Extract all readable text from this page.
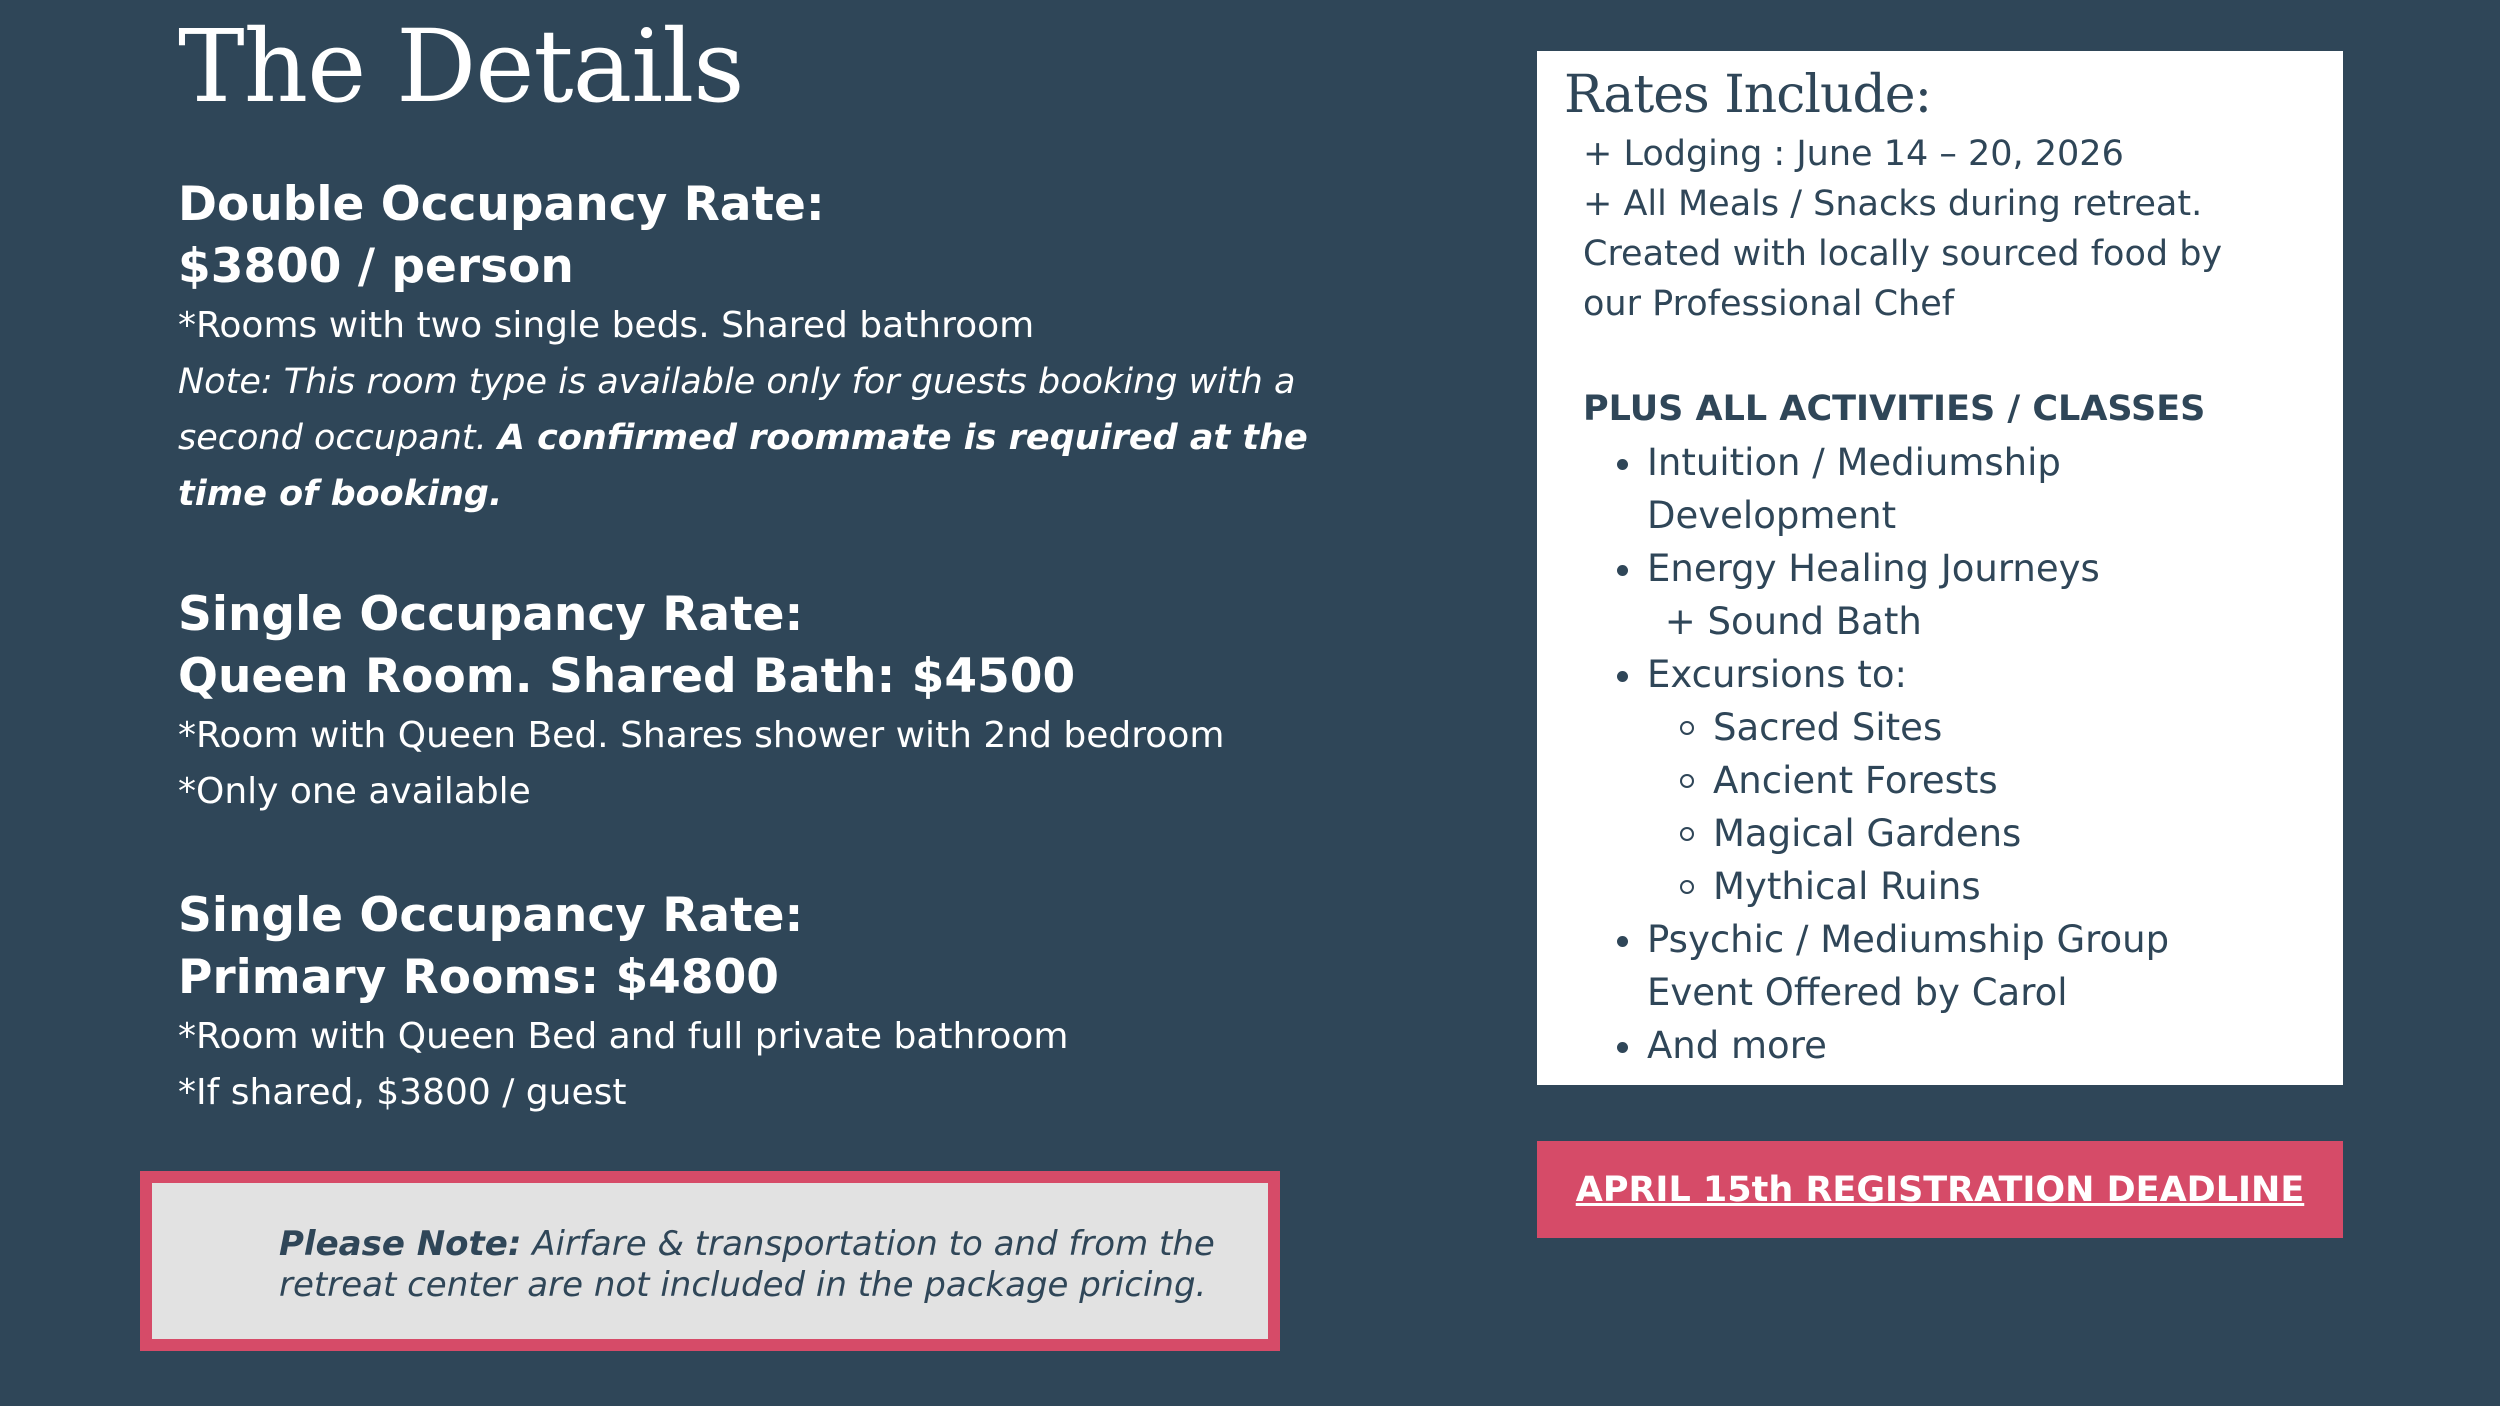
The Details
Double Occupancy Rate:
$3800 / person
*Rooms with two single beds. Shared bathroom
Note: This room type is available only for guests booking with a second occupant. A confirmed roommate is required at the time of booking.
Single Occupancy Rate:
Queen Room. Shared Bath: $4500
*Room with Queen Bed. Shares shower with 2nd bedroom
*Only one available
Single Occupancy Rate:
Primary Rooms: $4800
*Room with Queen Bed and full private bathroom
*If shared, $3800 / guest
Please Note: Airfare & transportation to and from the
retreat center are not included in the package pricing.
Rates Include:
+ Lodging : June 14 – 20, 2026
+ All Meals / Snacks during retreat.
Created with locally sourced food by
our Professional Chef
PLUS ALL ACTIVITIES / CLASSES
Intuition / Mediumship
Development
Energy Healing Journeys
+ Sound Bath
Excursions to:
Sacred Sites
Ancient Forests
Magical Gardens
Mythical Ruins
Psychic / Mediumship Group
Event Offered by Carol
And more
APRIL 15th REGISTRATION DEADLINE
